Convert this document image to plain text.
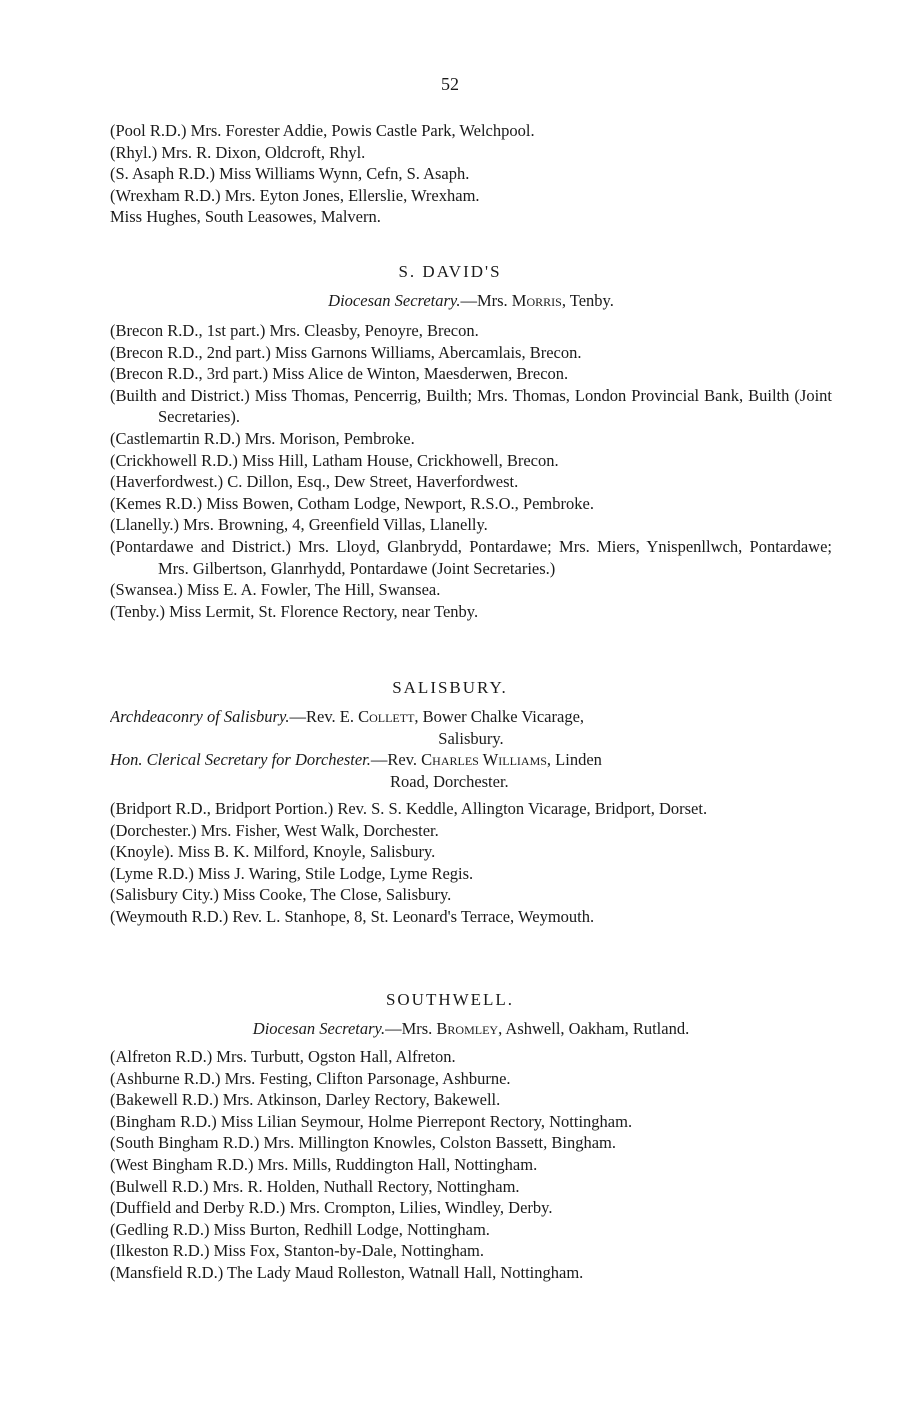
52
(Pool R.D.) Mrs. Forester Addie, Powis Castle Park, Welchpool.
(Rhyl.) Mrs. R. Dixon, Oldcroft, Rhyl.
(S. Asaph R.D.) Miss Williams Wynn, Cefn, S. Asaph.
(Wrexham R.D.) Mrs. Eyton Jones, Ellerslie, Wrexham.
Miss Hughes, South Leasowes, Malvern.
S. DAVID'S
Diocesan Secretary.—Mrs. Morris, Tenby.
(Brecon R.D., 1st part.) Mrs. Cleasby, Penoyre, Brecon.
(Brecon R.D., 2nd part.) Miss Garnons Williams, Abercamlais, Brecon.
(Brecon R.D., 3rd part.) Miss Alice de Winton, Maesderwen, Brecon.
(Builth and District.) Miss Thomas, Pencerrig, Builth; Mrs. Thomas, London Provincial Bank, Builth (Joint Secretaries).
(Castlemartin R.D.) Mrs. Morison, Pembroke.
(Crickhowell R.D.) Miss Hill, Latham House, Crickhowell, Brecon.
(Haverfordwest.) C. Dillon, Esq., Dew Street, Haverfordwest.
(Kemes R.D.) Miss Bowen, Cotham Lodge, Newport, R.S.O., Pembroke.
(Llanelly.) Mrs. Browning, 4, Greenfield Villas, Llanelly.
(Pontardawe and District.) Mrs. Lloyd, Glanbrydd, Pontardawe; Mrs. Miers, Ynispenllwch, Pontardawe; Mrs. Gilbertson, Glanrhydd, Pontardawe (Joint Secretaries.)
(Swansea.) Miss E. A. Fowler, The Hill, Swansea.
(Tenby.) Miss Lermit, St. Florence Rectory, near Tenby.
SALISBURY.
Archdeaconry of Salisbury.—Rev. E. Collett, Bower Chalke Vicarage,
Salisbury.
Hon. Clerical Secretary for Dorchester.—Rev. Charles Williams, Linden
Road, Dorchester.
(Bridport R.D., Bridport Portion.) Rev. S. S. Keddle, Allington Vicarage, Bridport, Dorset.
(Dorchester.) Mrs. Fisher, West Walk, Dorchester.
(Knoyle). Miss B. K. Milford, Knoyle, Salisbury.
(Lyme R.D.) Miss J. Waring, Stile Lodge, Lyme Regis.
(Salisbury City.) Miss Cooke, The Close, Salisbury.
(Weymouth R.D.) Rev. L. Stanhope, 8, St. Leonard's Terrace, Weymouth.
SOUTHWELL.
Diocesan Secretary.—Mrs. Bromley, Ashwell, Oakham, Rutland.
(Alfreton R.D.) Mrs. Turbutt, Ogston Hall, Alfreton.
(Ashburne R.D.) Mrs. Festing, Clifton Parsonage, Ashburne.
(Bakewell R.D.) Mrs. Atkinson, Darley Rectory, Bakewell.
(Bingham R.D.) Miss Lilian Seymour, Holme Pierrepont Rectory, Nottingham.
(South Bingham R.D.) Mrs. Millington Knowles, Colston Bassett, Bingham.
(West Bingham R.D.) Mrs. Mills, Ruddington Hall, Nottingham.
(Bulwell R.D.) Mrs. R. Holden, Nuthall Rectory, Nottingham.
(Duffield and Derby R.D.) Mrs. Crompton, Lilies, Windley, Derby.
(Gedling R.D.) Miss Burton, Redhill Lodge, Nottingham.
(Ilkeston R.D.) Miss Fox, Stanton-by-Dale, Nottingham.
(Mansfield R.D.) The Lady Maud Rolleston, Watnall Hall, Nottingham.
